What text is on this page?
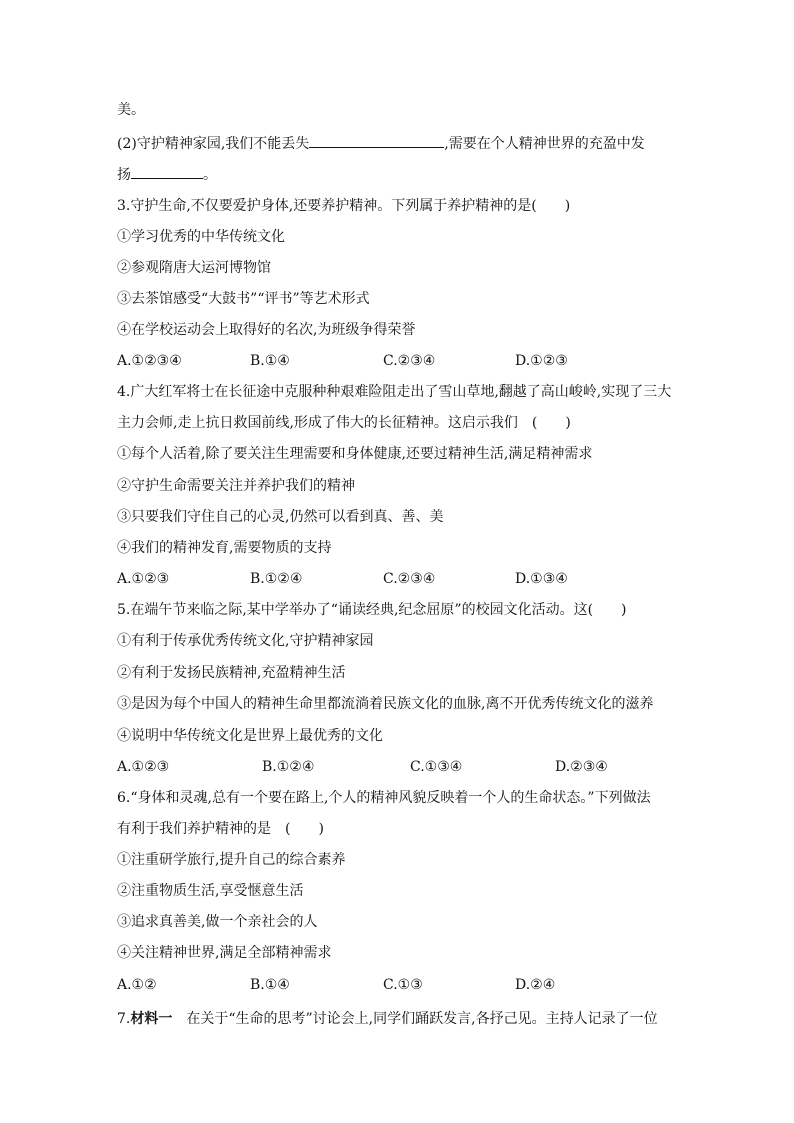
美。
(2)守护精神家园,我们不能丢失	,需要在个人精神世界的充盈中发
扬	。
3.守护生命,不仅要爱护身体,还要养护精神。下列属于养护精神的是(　　)
①学习优秀的中华传统文化
②参观隋唐大运河博物馆
③去茶馆感受“大鼓书”“评书”等艺术形式
④在学校运动会上取得好的名次,为班级争得荣誉
A.①②③④	B.①④	C.②③④	D.①②③
4.广大红军将士在长征途中克服种种艰难险阻走出了雪山草地,翻越了高山峻岭,实现了三大
主力会师,走上抗日救国前线,形成了伟大的长征精神。这启示我们　(　　)
①每个人活着,除了要关注生理需要和身体健康,还要过精神生活,满足精神需求
②守护生命需要关注并养护我们的精神
③只要我们守住自己的心灵,仍然可以看到真、善、美
④我们的精神发育,需要物质的支持
A.①②③	B.①②④	C.②③④	D.①③④
5.在端午节来临之际,某中学举办了“诵读经典,纪念屈原”的校园文化活动。这(　　)
①有利于传承优秀传统文化,守护精神家园
②有利于发扬民族精神,充盈精神生活
③是因为每个中国人的精神生命里都流淌着民族文化的血脉,离不开优秀传统文化的滋养
④说明中华传统文化是世界上最优秀的文化
A.①②③	B.①②④	C.①③④	D.②③④
6.“身体和灵魂,总有一个要在路上,个人的精神风貌反映着一个人的生命状态。”下列做法
有利于我们养护精神的是　(　　)
①注重研学旅行,提升自己的综合素养
②注重物质生活,享受惬意生活
③追求真善美,做一个亲社会的人
④关注精神世界,满足全部精神需求
A.①②	B.①④	C.①③	D.②④
7.材料一　在关于“生命的思考”讨论会上,同学们踊跃发言,各抒己见。主持人记录了一位
